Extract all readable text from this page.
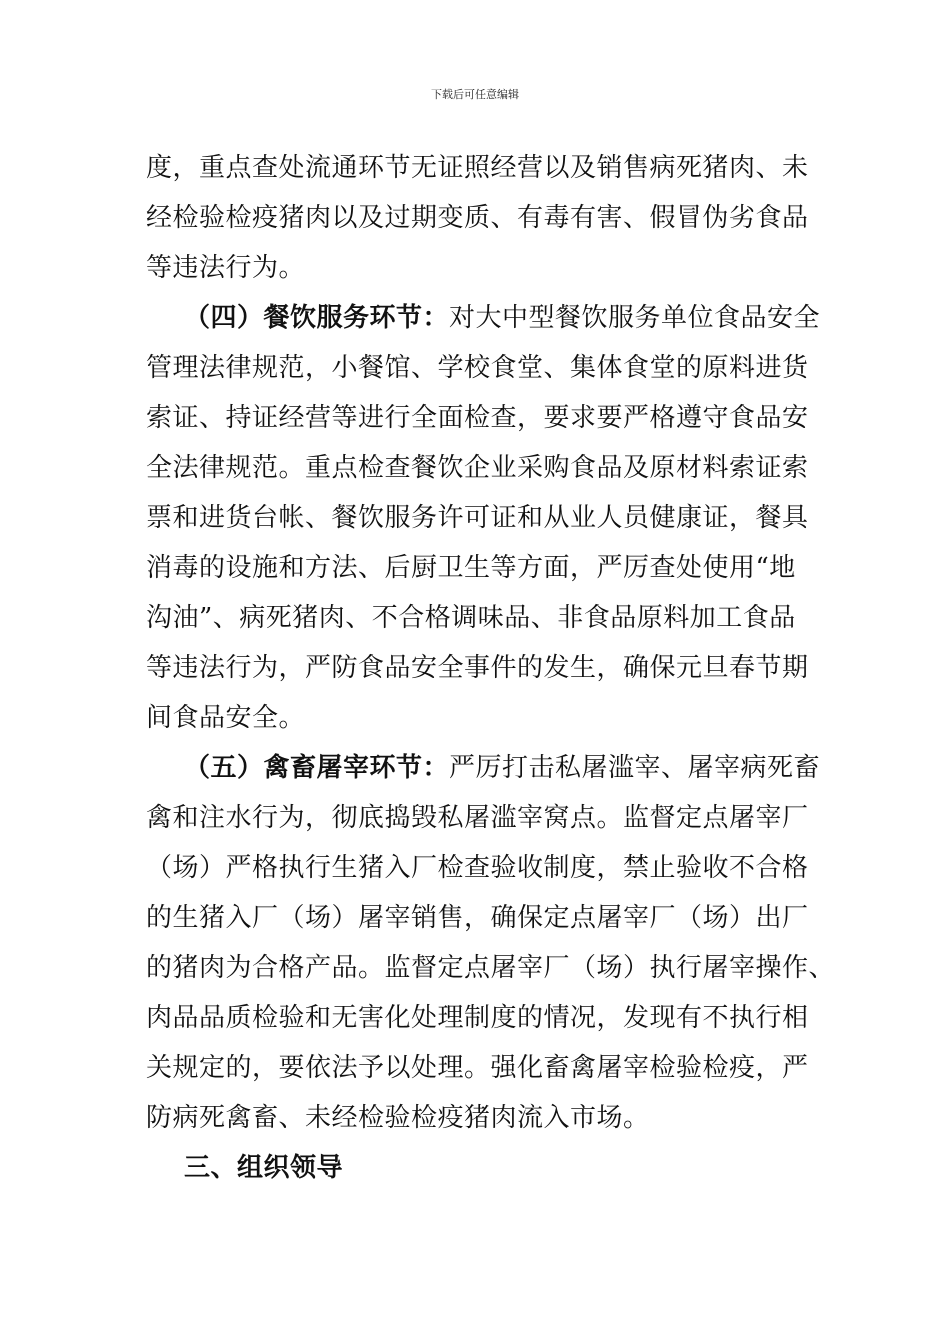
下载后可任意编辑
度，重点查处流通环节无证照经营以及销售病死猪肉、未
经检验检疫猪肉以及过期变质、有毒有害、假冒伪劣食品
等违法行为。
（四）餐饮服务环节：对大中型餐饮服务单位食品安全
管理法律规范，小餐馆、学校食堂、集体食堂的原料进货
索证、持证经营等进行全面检查，要求要严格遵守食品安
全法律规范。重点检查餐饮企业采购食品及原材料索证索
票和进货台帐、餐饮服务许可证和从业人员健康证，餐具
消毒的设施和方法、后厨卫生等方面，严厉查处使用“地
沟油”、病死猪肉、不合格调味品、非食品原料加工食品
等违法行为，严防食品安全事件的发生，确保元旦春节期
间食品安全。
（五）禽畜屠宰环节：严厉打击私屠滥宰、屠宰病死畜
禽和注水行为，彻底捣毁私屠滥宰窝点。监督定点屠宰厂
（场）严格执行生猪入厂检查验收制度，禁止验收不合格
的生猪入厂（场）屠宰销售，确保定点屠宰厂（场）出厂
的猪肉为合格产品。监督定点屠宰厂（场）执行屠宰操作、
肉品品质检验和无害化处理制度的情况，发现有不执行相
关规定的，要依法予以处理。强化畜禽屠宰检验检疫，严
防病死禽畜、未经检验检疫猪肉流入市场。
三、组织领导
